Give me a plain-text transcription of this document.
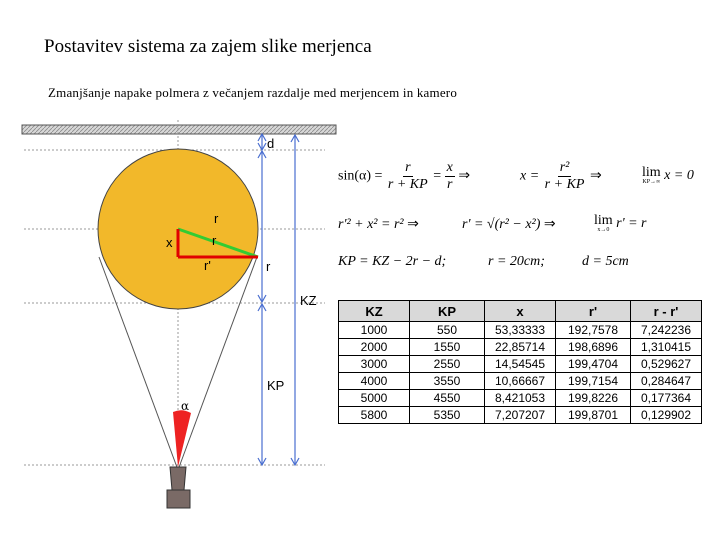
Postavitev sistema za zajem slike merjenca
Zmanjšanje napake polmera z večanjem razdalje med merjencem in kamero
d
r
r
x
r'	r
KZ
KP
α
$\sin(\alpha) = \frac{r}{r + KP} = \frac{x}{r}$ ⇒	$x = \frac{\text{r²}}{r + KP}$ ⇒	lim
KP→∞ x = 0
r'² + x² = r² ⇒	r' = √(r² − x²) ⇒	lim
x→0 r' = r
KP = KZ − 2r − d;	r = 20cm;	d = 5cm
KZ	KP	x	r'	r - r'
1000	550	53,33333	192,7578	7,242236
2000	1550	22,85714	198,6896	1,310415
3000	2550	14,54545	199,4704	0,529627
4000	3550	10,66667	199,7154	0,284647
5000	4550	8,421053	199,8226	0,177364
5800	5350	7,207207	199,8701	0,129902
